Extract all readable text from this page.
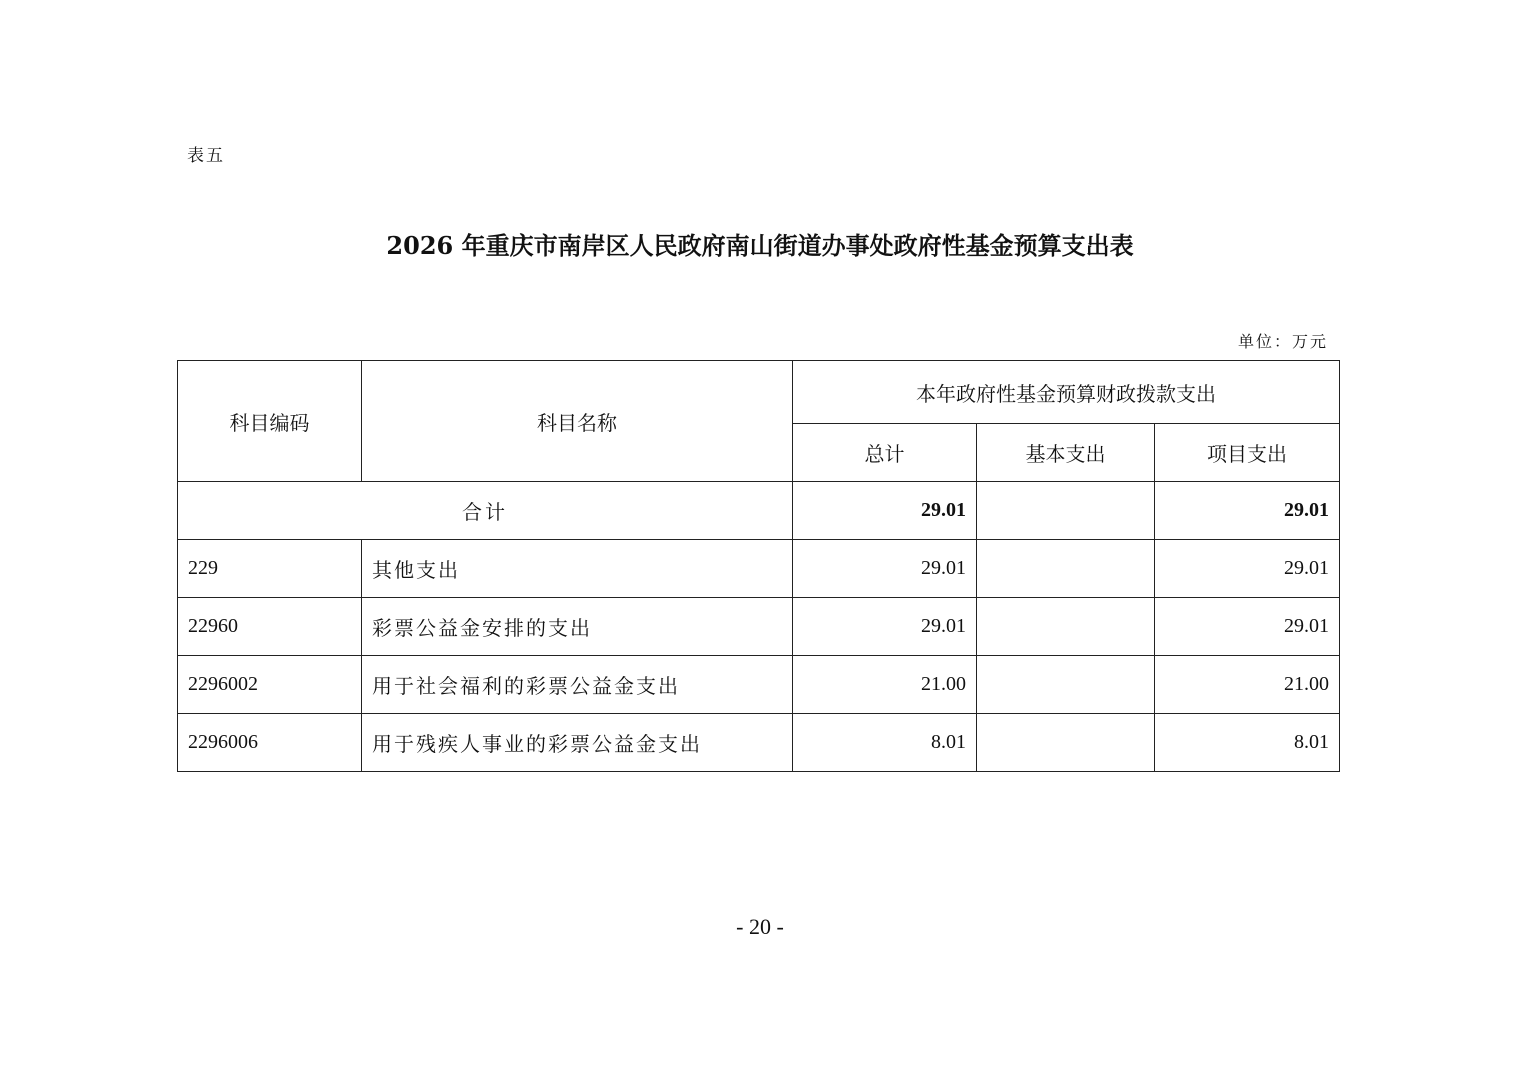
表五
2026 年重庆市南岸区人民政府南山街道办事处政府性基金预算支出表
单位：万元
科目编码	科目名称	本年政府性基金预算财政拨款支出		
		总计	基本支出	项目支出
合计		29.01		29.01
229	其他支出	29.01		29.01
22960	彩票公益金安排的支出	29.01		29.01
2296002	用于社会福利的彩票公益金支出	21.00		21.00
2296006	用于残疾人事业的彩票公益金支出	8.01		8.01
- 20 -
